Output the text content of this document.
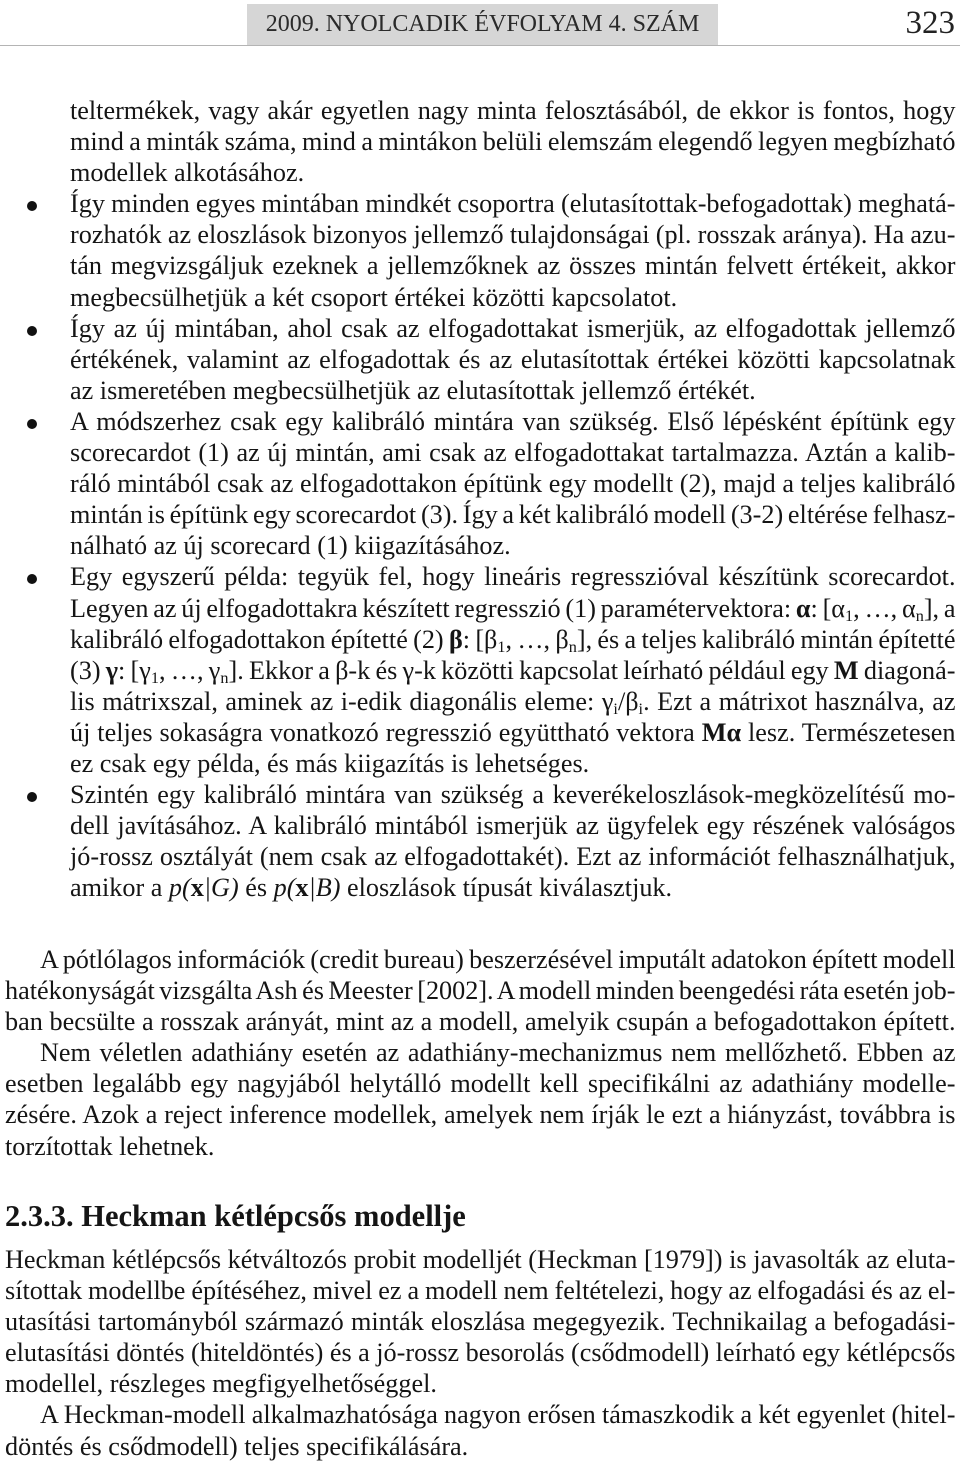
2009. NYOLCADIK ÉVFOLYAM 4. SZÁM	323
teltermékek, vagy akár egyetlen nagy minta felosztásából, de ekkor is fontos, hogy
mind a minták száma, mind a mintákon belüli elemszám elegendő legyen megbízható
modellek alkotásához.
Így minden egyes mintában mindkét csoportra (elutasítottak-befogadottak) meghatá-
rozhatók az eloszlások bizonyos jellemző tulajdonságai (pl. rosszak aránya). Ha azu-
tán megvizsgáljuk ezeknek a jellemzőknek az összes mintán felvett értékeit, akkor
megbecsülhetjük a két csoport értékei közötti kapcsolatot.
Így az új mintában, ahol csak az elfogadottakat ismerjük, az elfogadottak jellemző
értékének, valamint az elfogadottak és az elutasítottak értékei közötti kapcsolatnak
az ismeretében megbecsülhetjük az elutasítottak jellemző értékét.
A módszerhez csak egy kalibráló mintára van szükség. Első lépésként építünk egy
scorecardot (1) az új mintán, ami csak az elfogadottakat tartalmazza. Aztán a kalib-
ráló mintából csak az elfogadottakon építünk egy modellt (2), majd a teljes kalibráló
mintán is építünk egy scorecardot (3). Így a két kalibráló modell (3-2) eltérése felhasz-
nálható az új scorecard (1) kiigazításához.
Egy egyszerű példa: tegyük fel, hogy lineáris regresszióval készítünk scorecardot.
Legyen az új elfogadottakra készített regresszió (1) paramétervektora: α: [α1, …, αn], a
kalibráló elfogadottakon építetté (2) β: [β1, …, βn], és a teljes kalibráló mintán építetté
(3) γ: [γ1, …, γn]. Ekkor a β-k és γ-k közötti kapcsolat leírható például egy M diagoná-
lis mátrixszal, aminek az i-edik diagonális eleme: γi/βi. Ezt a mátrixot használva, az
új teljes sokaságra vonatkozó regresszió együttható vektora Mα lesz. Természetesen
ez csak egy példa, és más kiigazítás is lehetséges.
Szintén egy kalibráló mintára van szükség a keverékeloszlások-megközelítésű mo-
dell javításához. A kalibráló mintából ismerjük az ügyfelek egy részének valóságos
jó-rossz osztályát (nem csak az elfogadottakét). Ezt az információt felhasználhatjuk,
amikor a p(x|G) és p(x|B) eloszlások típusát kiválasztjuk.
A pótlólagos információk (credit bureau) beszerzésével imputált adatokon épített modell
hatékonyságát vizsgálta Ash és Meester [2002]. A modell minden beengedési ráta esetén job-
ban becsülte a rosszak arányát, mint az a modell, amelyik csupán a befogadottakon épített.
Nem véletlen adathiány esetén az adathiány-mechanizmus nem mellőzhető. Ebben az
esetben legalább egy nagyjából helytálló modellt kell specifikálni az adathiány modelle-
zésére. Azok a reject inference modellek, amelyek nem írják le ezt a hiányzást, továbbra is
torzítottak lehetnek.
2.3.3. Heckman kétlépcsős modellje
Heckman kétlépcsős kétváltozós probit modelljét (Heckman [1979]) is javasolták az eluta-
sítottak modellbe építéséhez, mivel ez a modell nem feltételezi, hogy az elfogadási és az el-
utasítási tartományból származó minták eloszlása megegyezik. Technikailag a befogadási-
elutasítási döntés (hiteldöntés) és a jó-rossz besorolás (csődmodell) leírható egy kétlépcsős
modellel, részleges megfigyelhetőséggel.
A Heckman-modell alkalmazhatósága nagyon erősen támaszkodik a két egyenlet (hitel-
döntés és csődmodell) teljes specifikálására.
